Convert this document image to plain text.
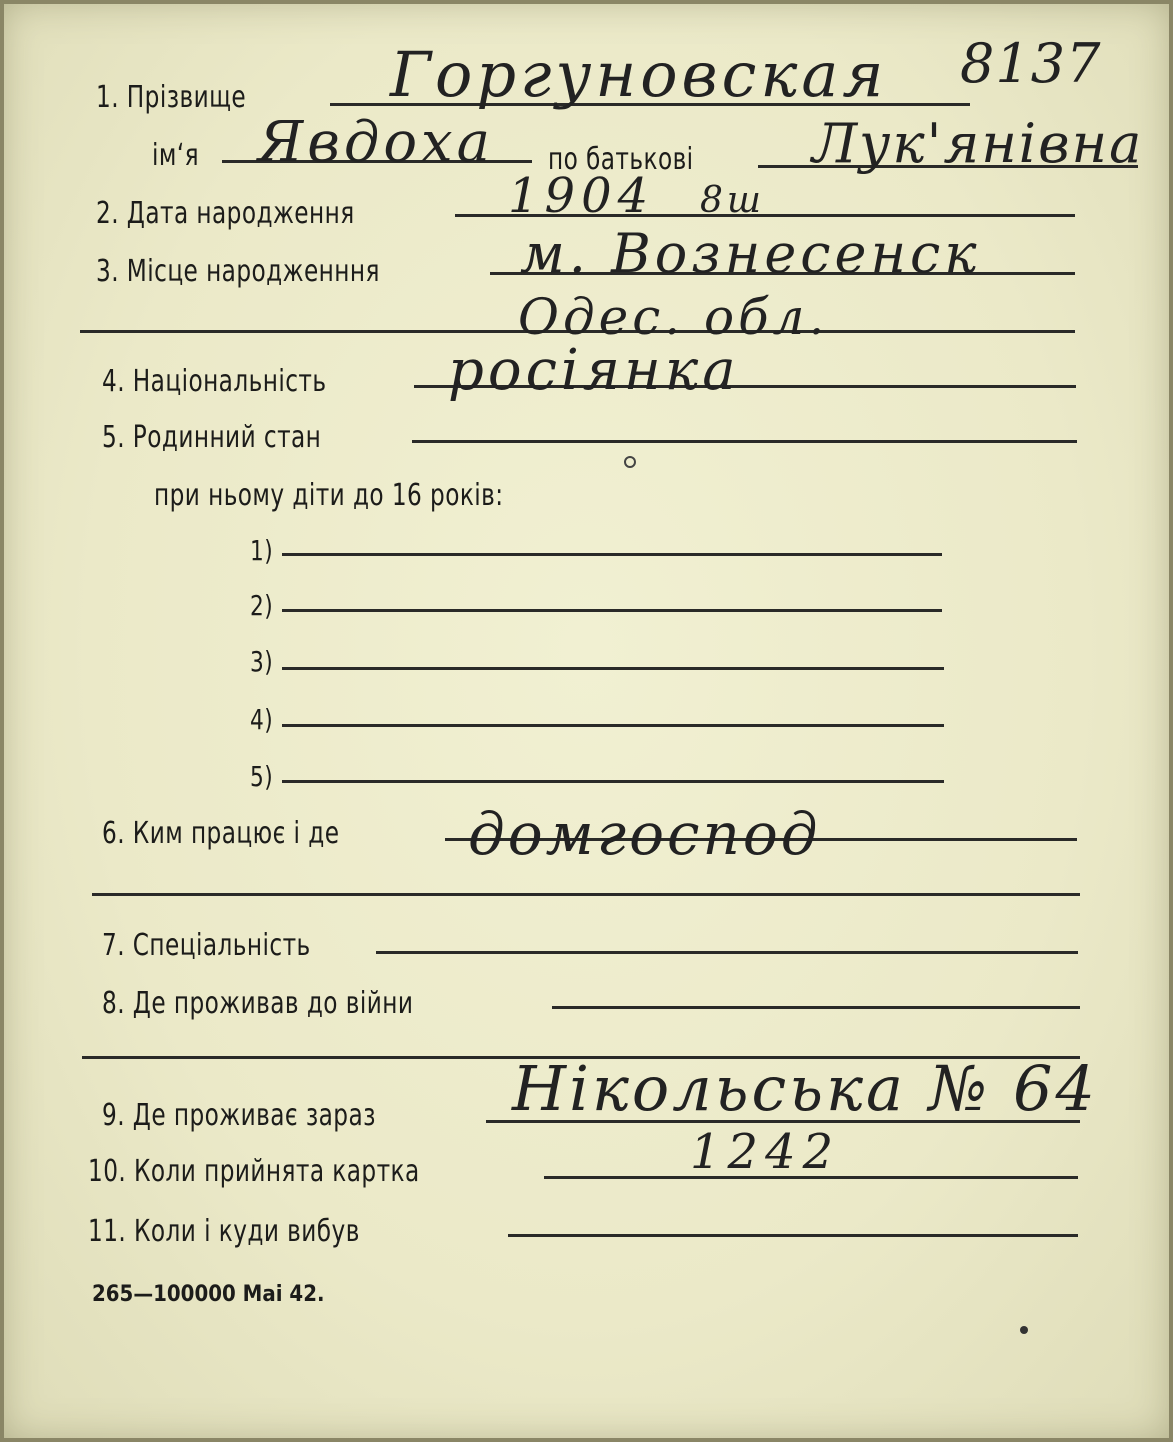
1. Прізвище Горгуновская 8137
ім‘я Явдоха по батькові Лук'янівна
2. Дата народження	1904 8ш
3. Місце народженння	м. Вознесенск
Одес. обл.
4. Національність росіянка
5. Родинний стан
при ньому діти до 16 років:
1)
2)
3)
4)
5)
6. Ким працює і де домгоспод
7. Спеціальність
8. Де проживав до війни
9. Де проживає зараз Нікольська № 64
10. Коли прийнята картка	1242
11. Коли і куди вибув
265—100000 Mai 42.
